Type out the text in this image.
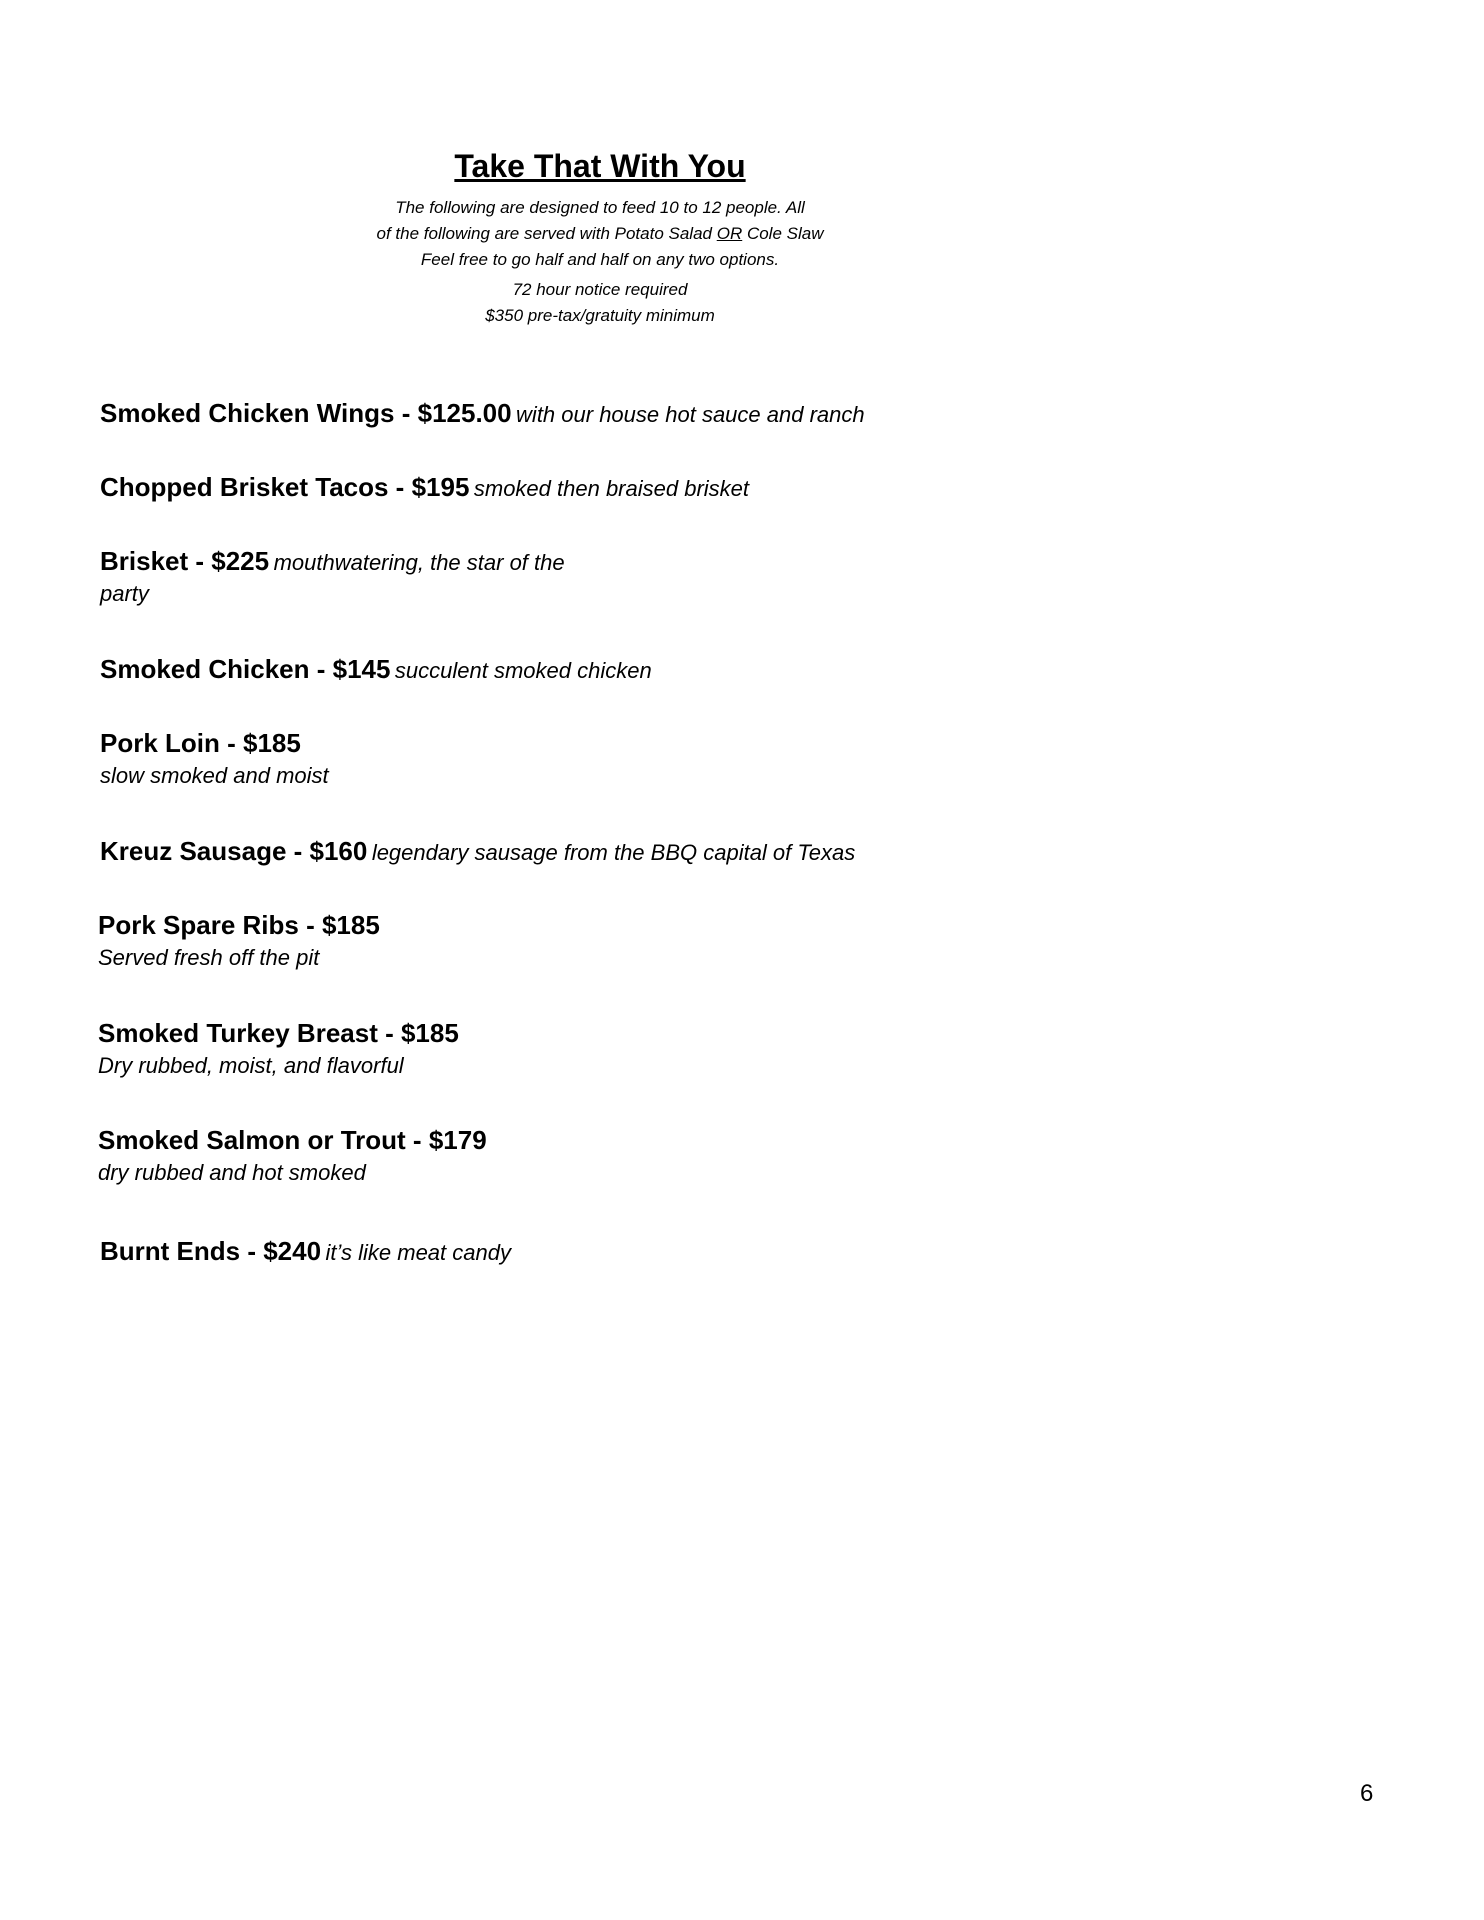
Take That With You
The following are designed to feed 10 to 12 people. All
of the following are served with Potato Salad OR Cole Slaw
Feel free to go half and half on any two options.
72 hour notice required
$350 pre-tax/gratuity minimum
Smoked Chicken Wings - $125.00 with our house hot sauce and ranch
Chopped Brisket Tacos - $195 smoked then braised brisket
Brisket - $225 mouthwatering, the star of the
party
Smoked Chicken - $145 succulent smoked chicken
Pork Loin - $185
slow smoked and moist
Kreuz Sausage - $160 legendary sausage from the BBQ capital of Texas
Pork Spare Ribs - $185
Served fresh off the pit
Smoked Turkey Breast - $185
Dry rubbed, moist, and flavorful
Smoked Salmon or Trout - $179
dry rubbed and hot smoked
Burnt Ends - $240 it’s like meat candy
6
